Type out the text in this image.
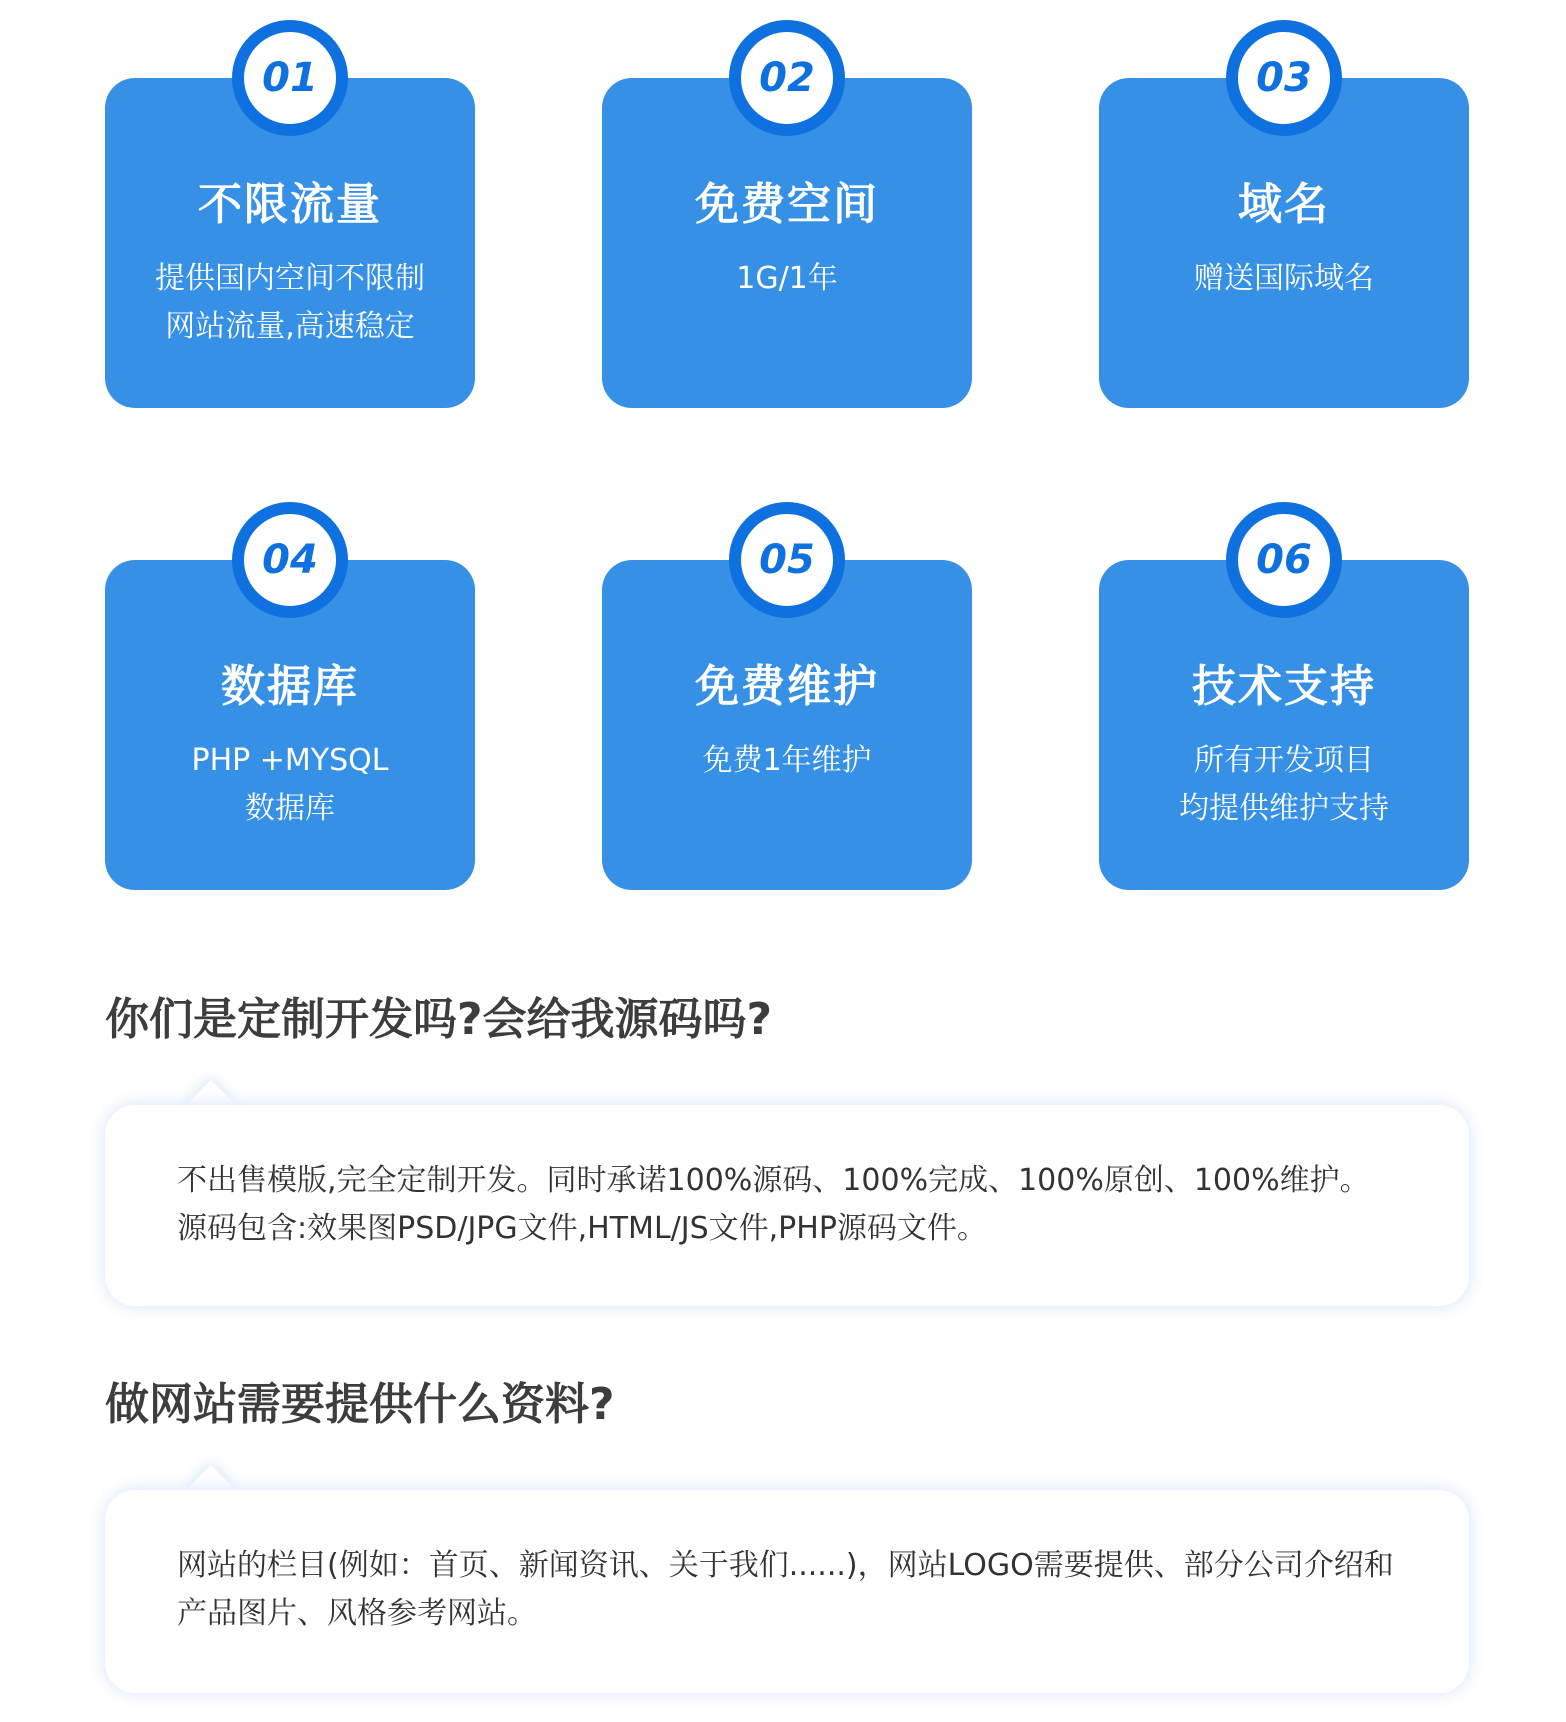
01
不限流量
提供国内空间不限制
网站流量,高速稳定
02
免费空间
1G/1年
03
域名
赠送国际域名
04
数据库
PHP +MYSQL
数据库
05
免费维护
免费1年维护
06
技术支持
所有开发项目
均提供维护支持
你们是定制开发吗?会给我源码吗?
不出售模版,完全定制开发。同时承诺100%源码、100%完成、100%原创、100%维护。源码包含:效果图PSD/JPG文件,HTML/JS文件,PHP源码文件。
做网站需要提供什么资料?
网站的栏目(例如：首页、新闻资讯、关于我们......)，网站LOGO需要提供、部分公司介绍和产品图片、风格参考网站。
